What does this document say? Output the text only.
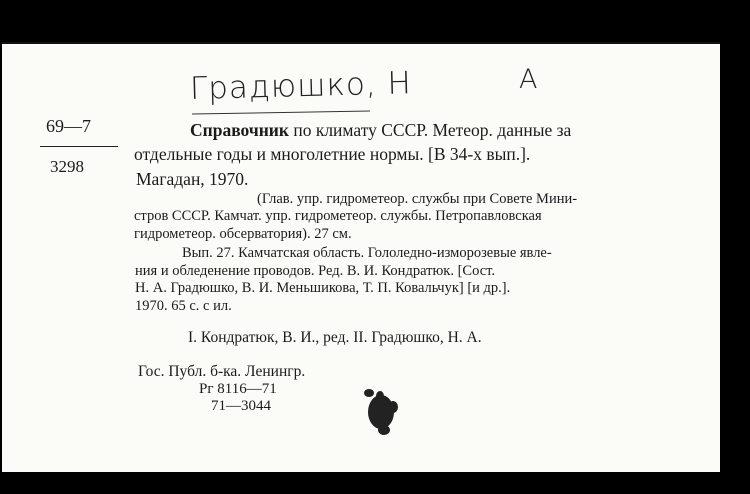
Градюшко, Н	А
69—7
3298
Справочник по климату СССР. Метеор. данные за
отдельные годы и многолетние нормы. [В 34-х вып.].
Магадан, 1970.
(Глав. упр. гидрометеор. службы при Совете Мини-
стров СССР. Камчат. упр. гидрометеор. службы. Петропавловская
гидрометеор. обсерватория). 27 см.
Вып. 27. Камчатская область. Гололедно-изморозевые явле-
ния и обледенение проводов. Ред. В. И. Кондратюк. [Сост.
Н. А. Градюшко, В. И. Меньшикова, Т. П. Ковальчук] [и др.].
1970. 65 с. с ил.
I. Кондратюк, В. И., ред. II. Градюшко, Н. А.
Гос. Публ. б-ка. Ленингр.
Рг 8116—71
71—3044
